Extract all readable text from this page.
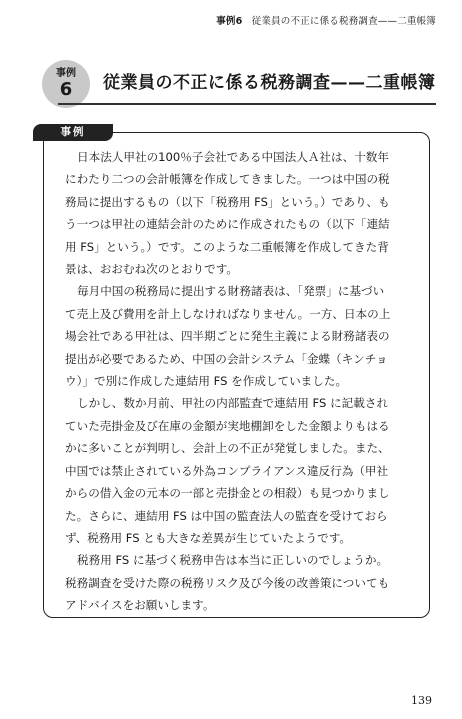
事例6 従業員の不正に係る税務調査——二重帳簿
事例
6	従業員の不正に係る税務調査——二重帳簿
事例

日本法人甲社の100％子会社である中国法人Ａ社は、十数年

にわたり二つの会計帳簿を作成してきました。一つは中国の税

務局に提出するもの（以下「税務用 FS」という。）であり、も

う一つは甲社の連結会計のために作成されたもの（以下「連結

用 FS」という。）です。このような二重帳簿を作成してきた背

景は、おおむね次のとおりです。

毎月中国の税務局に提出する財務諸表は、「発票」に基づい

て売上及び費用を計上しなければなりません。一方、日本の上

場会社である甲社は、四半期ごとに発生主義による財務諸表の

提出が必要であるため、中国の会計システム「金蝶（キンチョ

ウ）」で別に作成した連結用 FS を作成していました。

しかし、数か月前、甲社の内部監査で連結用 FS に記載され

ていた売掛金及び在庫の金額が実地棚卸をした金額よりもはる

かに多いことが判明し、会計上の不正が発覚しました。また、

中国では禁止されている外為コンプライアンス違反行為（甲社

からの借入金の元本の一部と売掛金との相殺）も見つかりまし

た。さらに、連結用 FS は中国の監査法人の監査を受けておら

ず、税務用 FS とも大きな差異が生じていたようです。

税務用 FS に基づく税務申告は本当に正しいのでしょうか。

税務調査を受けた際の税務リスク及び今後の改善策についても

アドバイスをお願いします。

139
